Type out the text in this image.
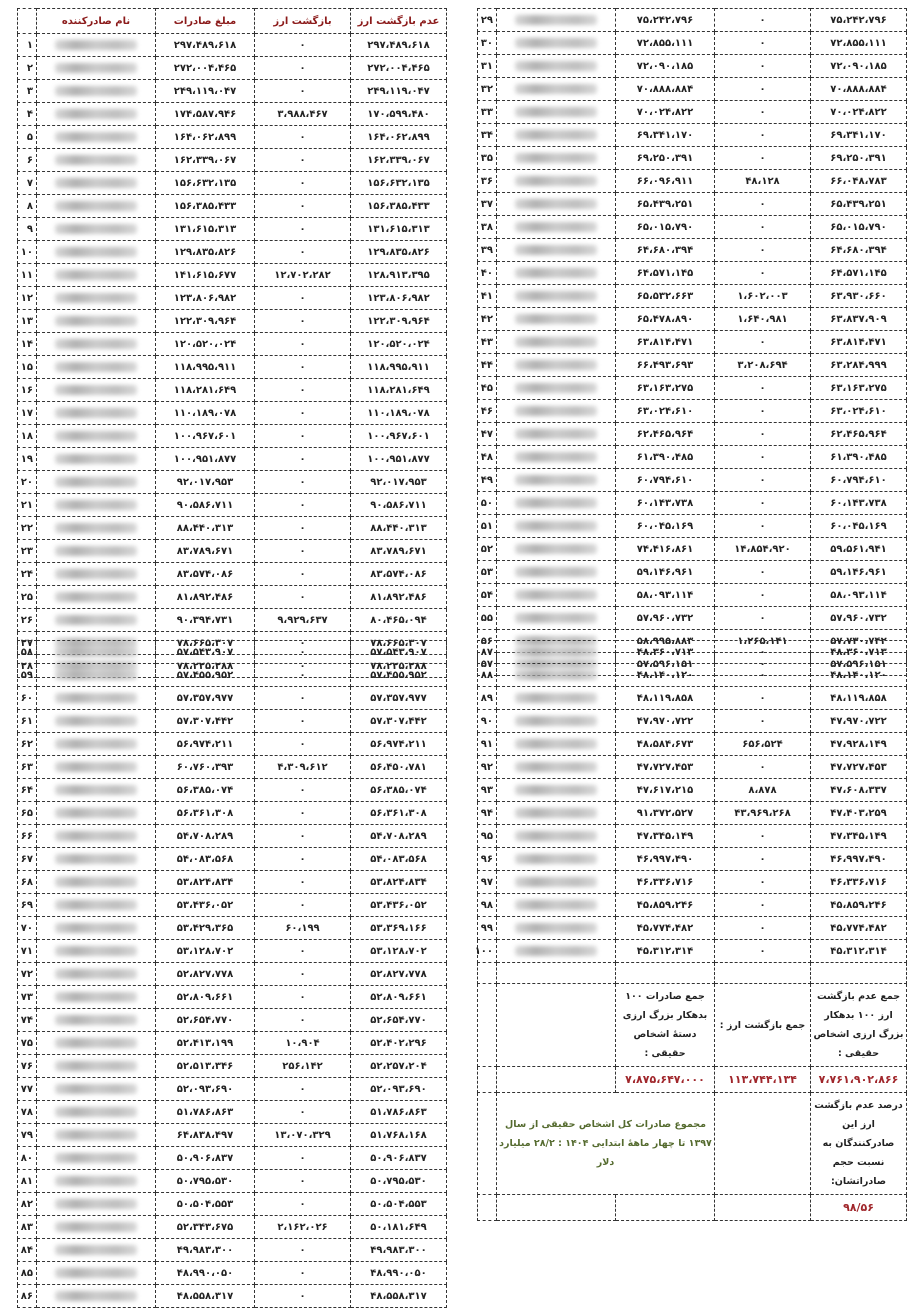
	نام صادرکننده	مبلغ صادرات	بازگشت ارز	عدم بازگشت ارز
۱		۲۹۷،۴۸۹،۶۱۸	۰	۲۹۷،۴۸۹،۶۱۸
۲		۲۷۲،۰۰۴،۴۶۵	۰	۲۷۲،۰۰۴،۴۶۵
۳		۲۴۹،۱۱۹،۰۴۷	۰	۲۴۹،۱۱۹،۰۴۷
۴		۱۷۴،۵۸۷،۹۴۶	۳،۹۸۸،۴۶۷	۱۷۰،۵۹۹،۴۸۰
۵		۱۶۴،۰۶۲،۸۹۹	۰	۱۶۴،۰۶۲،۸۹۹
۶		۱۶۲،۳۳۹،۰۶۷	۰	۱۶۲،۳۳۹،۰۶۷
۷		۱۵۶،۶۳۲،۱۳۵	۰	۱۵۶،۶۳۲،۱۳۵
۸		۱۵۶،۳۸۵،۴۳۳	۰	۱۵۶،۳۸۵،۴۳۳
۹		۱۳۱،۶۱۵،۳۱۳	۰	۱۳۱،۶۱۵،۳۱۳
۱۰		۱۲۹،۸۳۵،۸۲۶	۰	۱۲۹،۸۳۵،۸۲۶
۱۱		۱۴۱،۶۱۵،۶۷۷	۱۲،۷۰۲،۲۸۲	۱۲۸،۹۱۳،۳۹۵
۱۲		۱۲۳،۸۰۶،۹۸۲	۰	۱۲۳،۸۰۶،۹۸۲
۱۳		۱۲۲،۳۰۹،۹۶۴	۰	۱۲۲،۳۰۹،۹۶۴
۱۴		۱۲۰،۵۲۰،۰۲۴	۰	۱۲۰،۵۲۰،۰۲۴
۱۵		۱۱۸،۹۹۵،۹۱۱	۰	۱۱۸،۹۹۵،۹۱۱
۱۶		۱۱۸،۲۸۱،۶۴۹	۰	۱۱۸،۲۸۱،۶۴۹
۱۷		۱۱۰،۱۸۹،۰۷۸	۰	۱۱۰،۱۸۹،۰۷۸
۱۸		۱۰۰،۹۶۷،۶۰۱	۰	۱۰۰،۹۶۷،۶۰۱
۱۹		۱۰۰،۹۵۱،۸۷۷	۰	۱۰۰،۹۵۱،۸۷۷
۲۰		۹۲،۰۱۷،۹۵۳	۰	۹۲،۰۱۷،۹۵۳
۲۱		۹۰،۵۸۶،۷۱۱	۰	۹۰،۵۸۶،۷۱۱
۲۲		۸۸،۴۴۰،۳۱۳	۰	۸۸،۴۴۰،۳۱۳
۲۳		۸۳،۷۸۹،۶۷۱	۰	۸۳،۷۸۹،۶۷۱
۲۴		۸۳،۵۷۴،۰۸۶	۰	۸۳،۵۷۴،۰۸۶
۲۵		۸۱،۸۹۲،۴۸۶	۰	۸۱،۸۹۲،۴۸۶
۲۶		۹۰،۳۹۴،۷۳۱	۹،۹۲۹،۶۳۷	۸۰،۴۶۵،۰۹۴
۲۷		۷۸،۶۶۵،۳۰۷	۰	۷۸،۶۶۵،۳۰۷
۲۸		۷۸،۲۲۵،۲۸۸	۰	۷۸،۲۲۵،۲۸۸
۲۹		۷۵،۲۴۲،۷۹۶	۰	۷۵،۲۴۲،۷۹۶
۳۰		۷۲،۸۵۵،۱۱۱	۰	۷۲،۸۵۵،۱۱۱
۳۱		۷۲،۰۹۰،۱۸۵	۰	۷۲،۰۹۰،۱۸۵
۳۲		۷۰،۸۸۸،۸۸۴	۰	۷۰،۸۸۸،۸۸۴
۳۳		۷۰،۰۲۴،۸۲۲	۰	۷۰،۰۲۴،۸۲۲
۳۴		۶۹،۳۴۱،۱۷۰	۰	۶۹،۳۴۱،۱۷۰
۳۵		۶۹،۲۵۰،۳۹۱	۰	۶۹،۲۵۰،۳۹۱
۳۶		۶۶،۰۹۶،۹۱۱	۴۸،۱۲۸	۶۶،۰۴۸،۷۸۳
۳۷		۶۵،۴۳۹،۲۵۱	۰	۶۵،۴۳۹،۲۵۱
۳۸		۶۵،۰۱۵،۷۹۰	۰	۶۵،۰۱۵،۷۹۰
۳۹		۶۴،۶۸۰،۳۹۴	۰	۶۴،۶۸۰،۳۹۴
۴۰		۶۴،۵۷۱،۱۴۵	۰	۶۴،۵۷۱،۱۴۵
۴۱		۶۵،۵۳۲،۶۶۳	۱،۶۰۲،۰۰۳	۶۳،۹۳۰،۶۶۰
۴۲		۶۵،۴۷۸،۸۹۰	۱،۶۴۰،۹۸۱	۶۳،۸۳۷،۹۰۹
۴۳		۶۳،۸۱۴،۴۷۱	۰	۶۳،۸۱۴،۴۷۱
۴۴		۶۶،۴۹۳،۶۹۳	۳،۲۰۸،۶۹۴	۶۳،۲۸۴،۹۹۹
۴۵		۶۳،۱۶۳،۲۷۵	۰	۶۳،۱۶۳،۲۷۵
۴۶		۶۳،۰۲۴،۶۱۰	۰	۶۳،۰۲۴،۶۱۰
۴۷		۶۲،۴۶۵،۹۶۴	۰	۶۲،۴۶۵،۹۶۴
۴۸		۶۱،۳۹۰،۴۸۵	۰	۶۱،۳۹۰،۴۸۵
۴۹		۶۰،۷۹۴،۶۱۰	۰	۶۰،۷۹۴،۶۱۰
۵۰		۶۰،۱۴۳،۷۳۸	۰	۶۰،۱۴۳،۷۳۸
۵۱		۶۰،۰۴۵،۱۶۹	۰	۶۰،۰۴۵،۱۶۹
۵۲		۷۴،۴۱۶،۸۶۱	۱۴،۸۵۴،۹۲۰	۵۹،۵۶۱،۹۴۱
۵۳		۵۹،۱۴۶،۹۶۱	۰	۵۹،۱۴۶،۹۶۱
۵۴		۵۸،۰۹۳،۱۱۴	۰	۵۸،۰۹۳،۱۱۴
۵۵		۵۷،۹۶۰،۷۳۲	۰	۵۷،۹۶۰،۷۳۲
۵۶		۵۸،۹۹۵،۸۸۳	۱،۲۶۵،۱۴۱	۵۷،۷۳۰،۷۴۲
۵۷		۵۷،۵۹۶،۱۵۱	۰	۵۷،۵۹۶،۱۵۱
۵۸		۵۷،۵۴۳،۹۰۷	۰	۵۷،۵۴۳،۹۰۷
۵۹		۵۷،۴۵۵،۹۵۲	۰	۵۷،۴۵۵،۹۵۲
۶۰		۵۷،۳۵۷،۹۷۷	۰	۵۷،۳۵۷،۹۷۷
۶۱		۵۷،۳۰۷،۴۴۲	۰	۵۷،۳۰۷،۴۴۲
۶۲		۵۶،۹۷۴،۲۱۱	۰	۵۶،۹۷۴،۲۱۱
۶۳		۶۰،۷۶۰،۳۹۳	۴،۳۰۹،۶۱۲	۵۶،۴۵۰،۷۸۱
۶۴		۵۶،۳۸۵،۰۷۴	۰	۵۶،۳۸۵،۰۷۴
۶۵		۵۶،۳۶۱،۳۰۸	۰	۵۶،۳۶۱،۳۰۸
۶۶		۵۴،۷۰۸،۲۸۹	۰	۵۴،۷۰۸،۲۸۹
۶۷		۵۴،۰۸۳،۵۶۸	۰	۵۴،۰۸۳،۵۶۸
۶۸		۵۳،۸۲۴،۸۳۴	۰	۵۳،۸۲۴،۸۳۴
۶۹		۵۳،۴۳۶،۰۵۲	۰	۵۳،۴۳۶،۰۵۲
۷۰		۵۳،۴۲۹،۳۶۵	۶۰،۱۹۹	۵۳،۳۶۹،۱۶۶
۷۱		۵۳،۱۲۸،۷۰۲	۰	۵۳،۱۲۸،۷۰۲
۷۲		۵۲،۸۲۷،۷۷۸	۰	۵۲،۸۲۷،۷۷۸
۷۳		۵۲،۸۰۹،۶۶۱	۰	۵۲،۸۰۹،۶۶۱
۷۴		۵۲،۶۵۴،۷۷۰	۰	۵۲،۶۵۴،۷۷۰
۷۵		۵۲،۴۱۳،۱۹۹	۱۰،۹۰۴	۵۲،۴۰۲،۲۹۶
۷۶		۵۲،۵۱۳،۳۴۶	۲۵۶،۱۴۲	۵۲،۲۵۷،۲۰۴
۷۷		۵۲،۰۹۳،۶۹۰	۰	۵۲،۰۹۳،۶۹۰
۷۸		۵۱،۷۸۶،۸۶۳	۰	۵۱،۷۸۶،۸۶۳
۷۹		۶۴،۸۳۸،۴۹۷	۱۳،۰۷۰،۳۲۹	۵۱،۷۶۸،۱۶۸
۸۰		۵۰،۹۰۶،۸۳۷	۰	۵۰،۹۰۶،۸۳۷
۸۱		۵۰،۷۹۵،۵۳۰	۰	۵۰،۷۹۵،۵۳۰
۸۲		۵۰،۵۰۴،۵۵۳	۰	۵۰،۵۰۴،۵۵۳
۸۳		۵۲،۳۴۳،۶۷۵	۲،۱۶۲،۰۲۶	۵۰،۱۸۱،۶۴۹
۸۴		۴۹،۹۸۳،۳۰۰	۰	۴۹،۹۸۳،۳۰۰
۸۵		۴۸،۹۹۰،۰۵۰	۰	۴۸،۹۹۰،۰۵۰
۸۶		۴۸،۵۵۸،۳۱۷	۰	۴۸،۵۵۸،۳۱۷
۸۷		۴۸،۳۶۰،۷۱۳	۰	۴۸،۳۶۰،۷۱۳
۸۸		۴۸،۱۴۰،۱۲۰	۰	۴۸،۱۴۰،۱۲۰
۸۹		۴۸،۱۱۹،۸۵۸	۰	۴۸،۱۱۹،۸۵۸
۹۰		۴۷،۹۷۰،۷۲۲	۰	۴۷،۹۷۰،۷۲۲
۹۱		۴۸،۵۸۴،۶۷۳	۶۵۶،۵۲۴	۴۷،۹۲۸،۱۴۹
۹۲		۴۷،۷۲۷،۴۵۳	۰	۴۷،۷۲۷،۴۵۳
۹۳		۴۷،۶۱۷،۲۱۵	۸،۸۷۸	۴۷،۶۰۸،۳۳۷
۹۴		۹۱،۳۷۲،۵۲۷	۴۳،۹۶۹،۲۶۸	۴۷،۴۰۳،۲۵۹
۹۵		۴۷،۳۴۵،۱۴۹	۰	۴۷،۳۴۵،۱۴۹
۹۶		۴۶،۹۹۷،۴۹۰	۰	۴۶،۹۹۷،۴۹۰
۹۷		۴۶،۳۳۶،۷۱۶	۰	۴۶،۳۳۶،۷۱۶
۹۸		۴۵،۸۵۹،۲۴۶	۰	۴۵،۸۵۹،۲۴۶
۹۹		۴۵،۷۷۴،۴۸۲	۰	۴۵،۷۷۴،۴۸۲
۱۰۰		۴۵،۳۱۲،۳۱۴	۰	۴۵،۳۱۲،۳۱۴

		جمع صادرات ۱۰۰ بدهکار بزرگ ارزی دستهٔ اشخاص حقیقی :	جمع بازگشت ارز :	جمع عدم بازگشت ارز ۱۰۰ بدهکار بزرگ ارزی اشخاص حقیقی :
		۷،۸۷۵،۶۴۷،۰۰۰	۱۱۳،۷۴۴،۱۳۴	۷،۷۶۱،۹۰۲،۸۶۶
	مجموع صادرات کل اشخاص حقیقی از سال ۱۳۹۷ تا چهار ماههٔ ابتدایی ۱۴۰۴ : ۲۸/۲ میلیارد دلار			درصد عدم بازگشت ارز این صادرکنندگان به نسبت حجم صادراتشان:
				۹۸/۵۶
